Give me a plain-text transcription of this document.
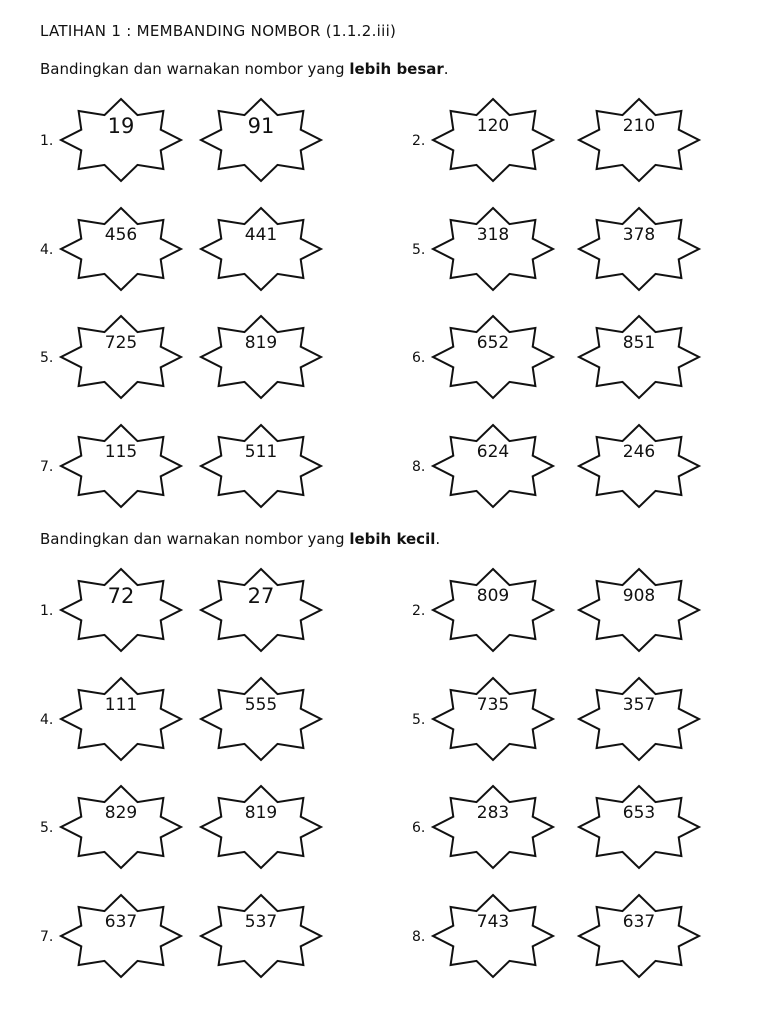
LATIHAN 1 : MEMBANDING NOMBOR (1.1.2.iii)
Bandingkan dan warnakan nombor yang lebih besar.
Bandingkan dan warnakan nombor yang lebih kecil.
1.
19	91
2.
120	210
4.
456	441
5.
318	378
5.
725	819
6.
652	851
7.
115	511
8.
624	246
1.
72	27
2.
809	908
4.
111	555
5.
735	357
5.
829	819
6.
283	653
7.
637	537
8.
743	637
